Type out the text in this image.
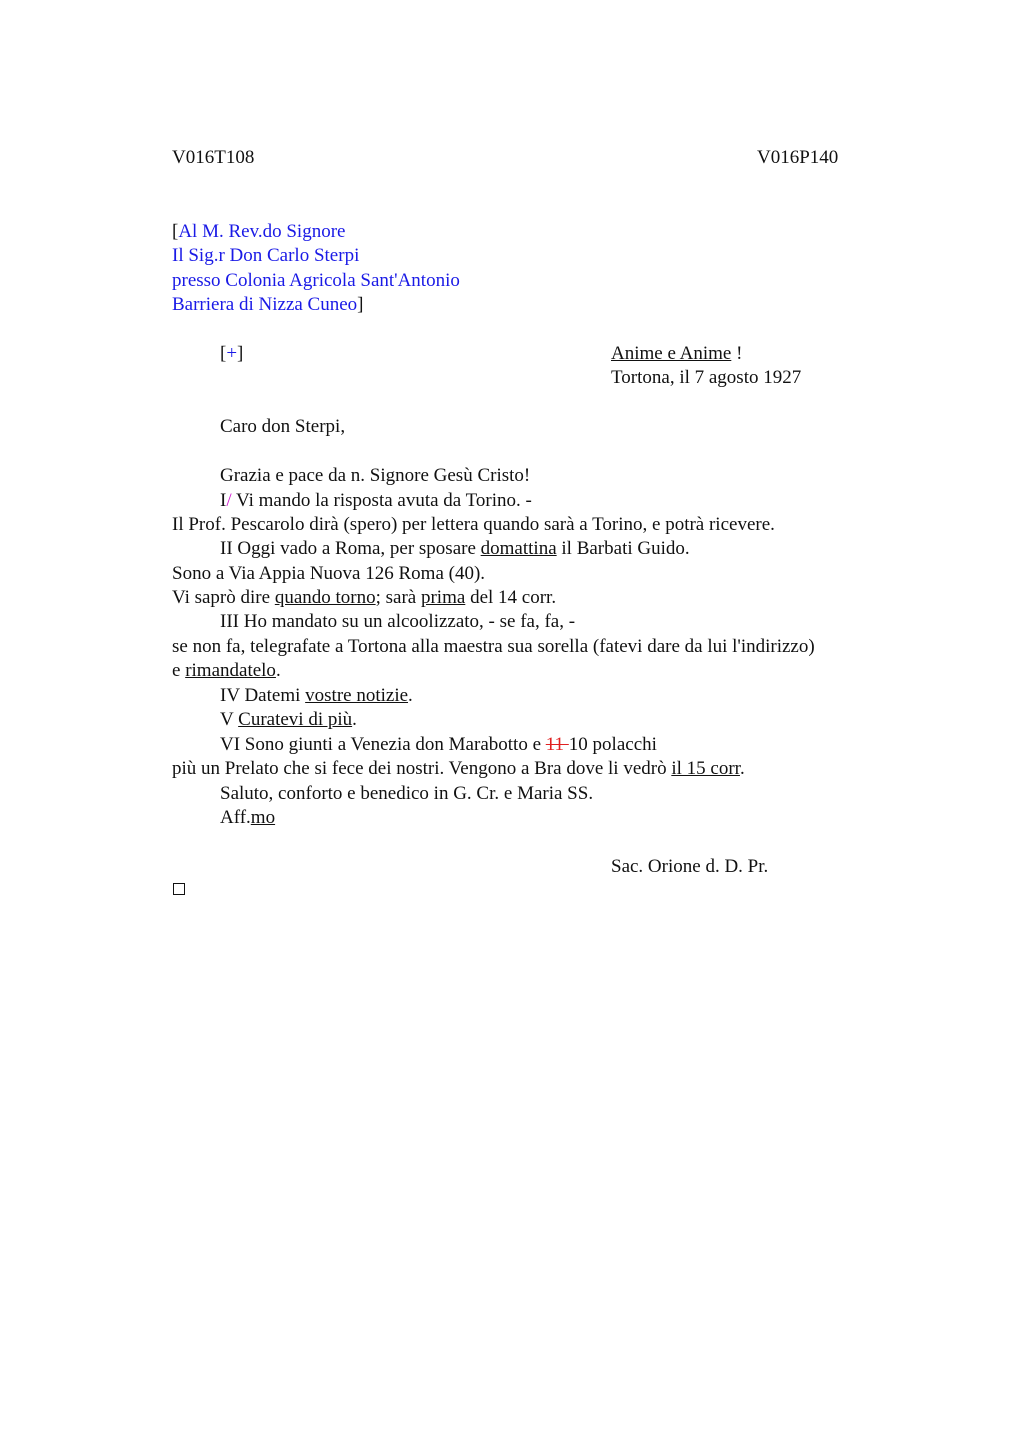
V016T108	V016P140
[Al M. Rev.do Signore
Il Sig.r Don Carlo Sterpi
presso Colonia Agricola Sant'Antonio
Barriera di Nizza Cuneo]
[+]	Anime e Anime !
Tortona, il 7 agosto 1927
Caro don Sterpi,
Grazia e pace da n. Signore Gesù Cristo!
I/ Vi mando la risposta avuta da Torino. -
Il Prof. Pescarolo dirà (spero) per lettera quando sarà a Torino, e potrà ricevere.
II Oggi vado a Roma, per sposare domattina il Barbati Guido.
Sono a Via Appia Nuova 126 Roma (40).
Vi saprò dire quando torno; sarà prima del 14 corr.
III Ho mandato su un alcoolizzato, - se fa, fa, -
se non fa, telegrafate a Tortona alla maestra sua sorella (fatevi dare da lui l'indirizzo)
e rimandatelo.
IV Datemi vostre notizie.
V Curatevi di più.
VI Sono giunti a Venezia don Marabotto e 11 10 polacchi
più un Prelato che si fece dei nostri. Vengono a Bra dove li vedrò il 15 corr.
Saluto, conforto e benedico in G. Cr. e Maria SS.
Aff.mo
Sac. Orione d. D. Pr.
